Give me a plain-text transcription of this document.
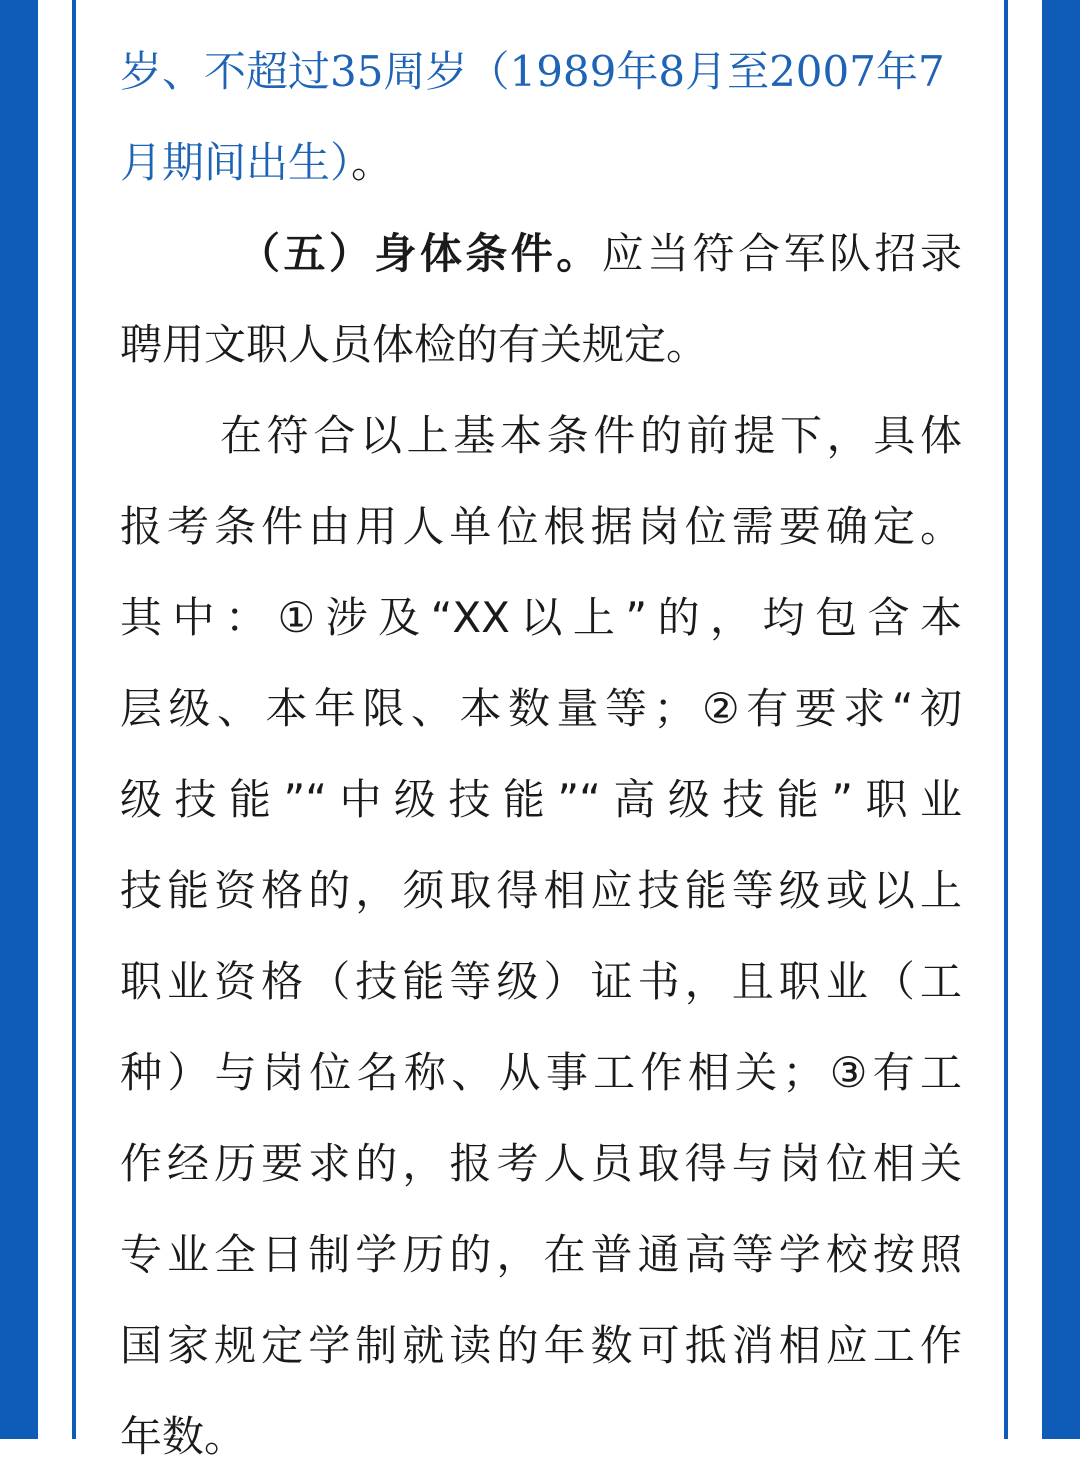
岁、不超过35周岁（1989年8月至2007年7
月期间出生）。
（五）身体条件。应当符合军队招录
聘用文职人员体检的有关规定。
在符合以上基本条件的前提下，具体
报考条件由用人单位根据岗位需要确定。
其中：①涉及“XX以上”的，均包含本
层级、本年限、本数量等；②有要求“初
级技能”“中级技能”“高级技能”职业
技能资格的，须取得相应技能等级或以上
职业资格（技能等级）证书，且职业（工
种）与岗位名称、从事工作相关；③有工
作经历要求的，报考人员取得与岗位相关
专业全日制学历的，在普通高等学校按照
国家规定学制就读的年数可抵消相应工作
年数。
